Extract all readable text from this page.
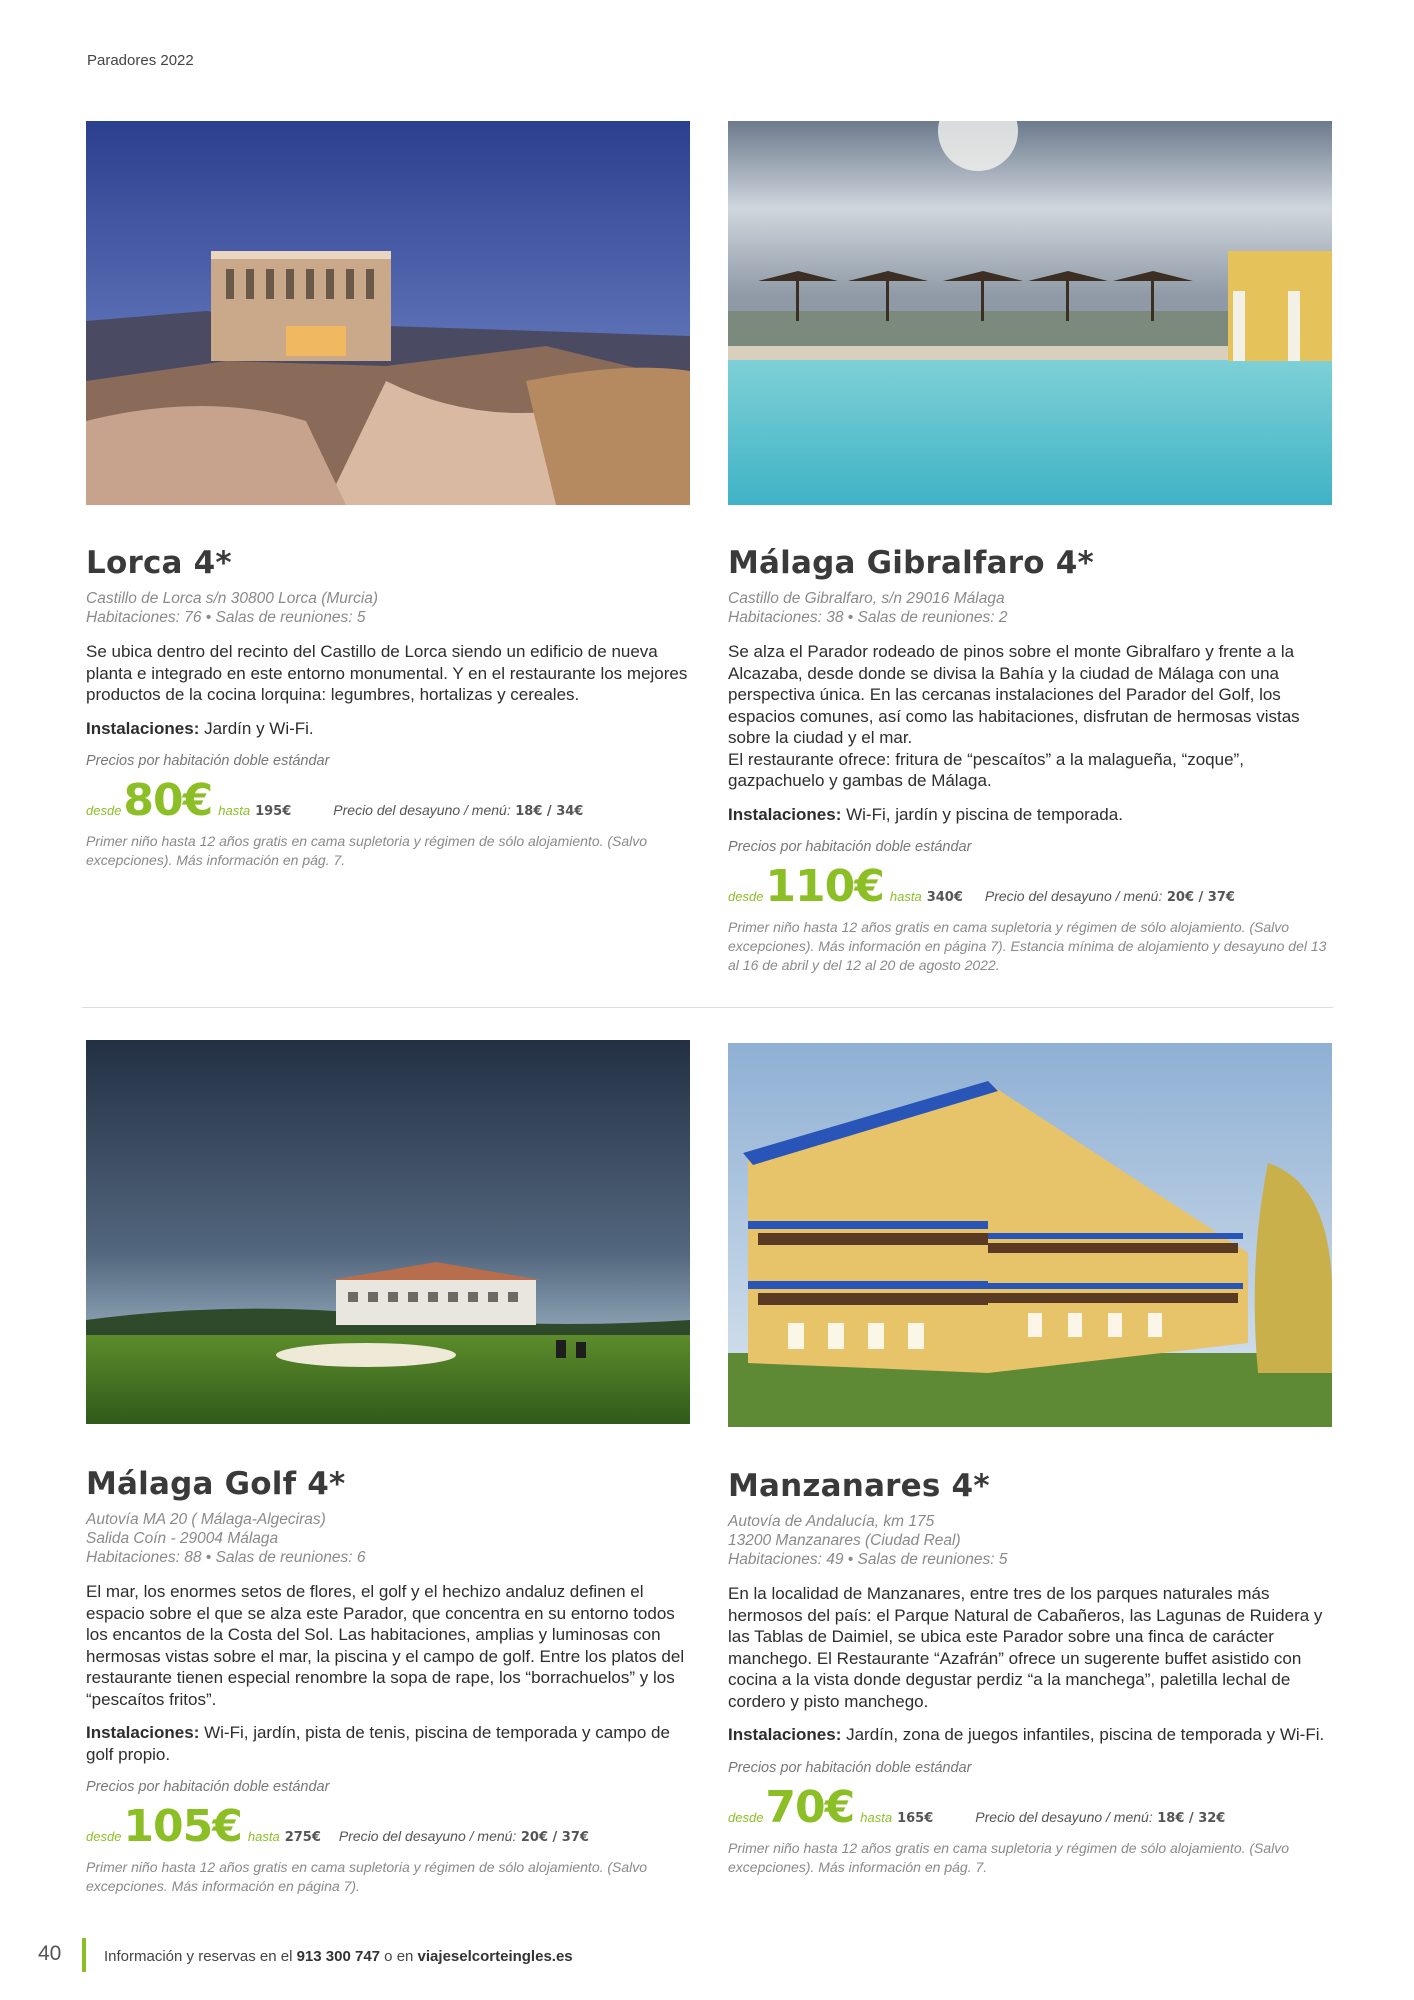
Paradores 2022
Lorca 4*
Castillo de Lorca s/n 30800 Lorca (Murcia)
Habitaciones: 76 • Salas de reuniones: 5
Se ubica dentro del recinto del Castillo de Lorca siendo un edificio de nueva planta e integrado en este entorno monumental. Y en el restaurante los mejores productos de la cocina lorquina: legumbres, hortalizas y cereales.
Instalaciones: Jardín y Wi-Fi.
Precios por habitación doble estándar
desde 80€ hasta 195€	Precio del desayuno / menú: 18€ / 34€
Primer niño hasta 12 años gratis en cama supletoria y régimen de sólo alojamiento. (Salvo excepciones). Más información en pág. 7.
Málaga Gibralfaro 4*
Castillo de Gibralfaro, s/n 29016 Málaga
Habitaciones: 38 • Salas de reuniones: 2
Se alza el Parador rodeado de pinos sobre el monte Gibralfaro y frente a la Alcazaba, desde donde se divisa la Bahía y la ciudad de Málaga con una perspectiva única. En las cercanas instalaciones del Parador del Golf, los espacios comunes, así como las habitaciones, disfrutan de hermosas vistas sobre la ciudad y el mar.
El restaurante ofrece: fritura de “pescaítos” a la malagueña, “zoque”, gazpachuelo y gambas de Málaga.
Instalaciones: Wi-Fi, jardín y piscina de temporada.
Precios por habitación doble estándar
desde 110€ hasta 340€ Precio del desayuno / menú: 20€ / 37€
Primer niño hasta 12 años gratis en cama supletoria y régimen de sólo alojamiento. (Salvo excepciones). Más información en página 7). Estancia mínima de alojamiento y desayuno del 13 al 16 de abril y del 12 al 20 de agosto 2022.
Málaga Golf 4*
Autovía MA 20 ( Málaga-Algeciras)
Salida Coín - 29004 Málaga
Habitaciones: 88 • Salas de reuniones: 6
El mar, los enormes setos de flores, el golf y el hechizo andaluz definen el espacio sobre el que se alza este Parador, que concentra en su entorno todos los encantos de la Costa del Sol. Las habitaciones, amplias y luminosas con hermosas vistas sobre el mar, la piscina y el campo de golf. Entre los platos del restaurante tienen especial renombre la sopa de rape, los “borrachuelos” y los “pescaítos fritos”.
Instalaciones: Wi-Fi, jardín, pista de tenis, piscina de temporada y campo de golf propio.
Precios por habitación doble estándar
desde 105€ hasta 275€ Precio del desayuno / menú: 20€ / 37€
Primer niño hasta 12 años gratis en cama supletoria y régimen de sólo alojamiento. (Salvo excepciones. Más información en página 7).
Manzanares 4*
Autovía de Andalucía, km 175
13200 Manzanares (Ciudad Real)
Habitaciones: 49 • Salas de reuniones: 5
En la localidad de Manzanares, entre tres de los parques naturales más hermosos del país: el Parque Natural de Cabañeros, las Lagunas de Ruidera y las Tablas de Daimiel, se ubica este Parador sobre una finca de carácter manchego. El Restaurante “Azafrán” ofrece un sugerente buffet asistido con cocina a la vista donde degustar perdiz “a la manchega”, paletilla lechal de cordero y pisto manchego.
Instalaciones: Jardín, zona de juegos infantiles, piscina de temporada y Wi-Fi.
Precios por habitación doble estándar
desde 70€ hasta 165€	Precio del desayuno / menú: 18€ / 32€
Primer niño hasta 12 años gratis en cama supletoria y régimen de sólo alojamiento. (Salvo excepciones). Más información en pág. 7.
40	Información y reservas en el 913 300 747 o en viajeselcorteingles.es
